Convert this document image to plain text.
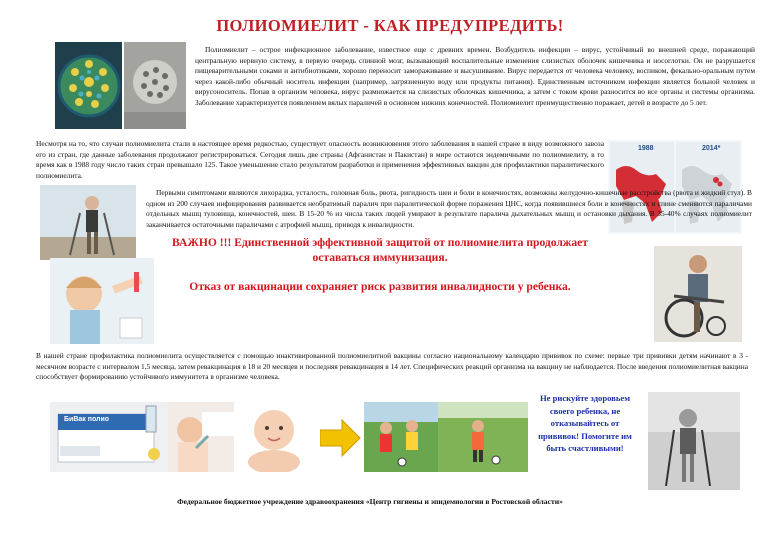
ПОЛИОМИЕЛИТ - КАК ПРЕДУПРЕДИТЬ!

Полиомиелит – острое инфекционное заболевание, известное еще с древних времен. Возбудитель инфекции – вирус, устойчивый во внешней среде, поражающий центральную нервную систему, в первую очередь спинной мозг, вызывающий воспалительные изменения слизистых оболочек кишечника и носоглотки. Он не разрушается пищеварительными соками и антибиотиками, хорошо переносит замораживание и высушивание. Вирус передается от человека человеку, воспиком, фекально-оральным путем через какой-либо обычный носитель инфекции (например, загрязненную воду или продукты питания). Единственным источником инфекции является больной человек и вирусоноситель. Попав в организм человека, вирус размножается на слизистых оболочках кишечника, а затем с током крови разносится во все органы и системы организма. Заболевание характеризуется появлением вялых параличей в основном нижних конечностей. Полиомиелит преимущественно поражает, детей в возрасте до 5 лет.

Несмотря на то, что случаи полиомиелита стали в настоящее время редкостью, существует опасность возникновения этого заболевания в нашей стране в виду возможного завоза его из стран, где данные заболевания продолжают регистрироваться. Сегодня лишь две страны (Афганистан и Пакистан) в мире остаются эндемичными по полиомиелиту, в то время как в 1988 году число таких стран превышало 125. Такое уменьшение стало результатом разработки и применения эффективных вакцин для профилактики паралитического полиомиелита.

1988	2014*

Первыми симптомами являются лихорадка, усталость, головная боль, рвота, ригидность шеи и боли в конечностях, возможны желудочно-кишечные расстройства (рвота и жидкий стул). В одном из 200 случаев инфицирования развивается необратимый паралич при паралитической форме поражения ЦНС, когда появившиеся боли в конечностях и спине сменяются параличами отдельных мышц туловища, конечностей, шеи. В 15-20 % из числа таких людей умирают в результате паралича дыхательных мышц и остановки дыхания. В 35-40% случаях полиомиелит заканчивается остаточными параличами с атрофией мышц, приводя к инвалидности.

ВАЖНО !!! Единственной эффективной защитой от полиомиелита продолжает оставаться иммунизация.
Отказ от вакцинации сохраняет риск развития инвалидности у ребенка.

В нашей стране профилактика полиомиелита осуществляется с помощью инактивированной полиомиелитной вакцины согласно национальному календарю прививок по схеме: первые три прививки детям начинают в 3 - месячном возрасте с интервалом 1,5 месяца, затем ревакцинация в 18 и 20 месяцев и последняя ревакцинация в 14 лет. Специфических реакций организма на вакцину не наблюдается. После введения полиомиелитная вакцина способствует формированию устойчивого иммунитета в организме человека.

БиВак полио
Не рискуйте здоровьем своего ребенка, не отказывайтесь от прививок! Помогите им быть счастливыми!
Федеральное бюджетное учреждение здравоохранения «Центр гигиены и эпидемиологии в Ростовской области»
